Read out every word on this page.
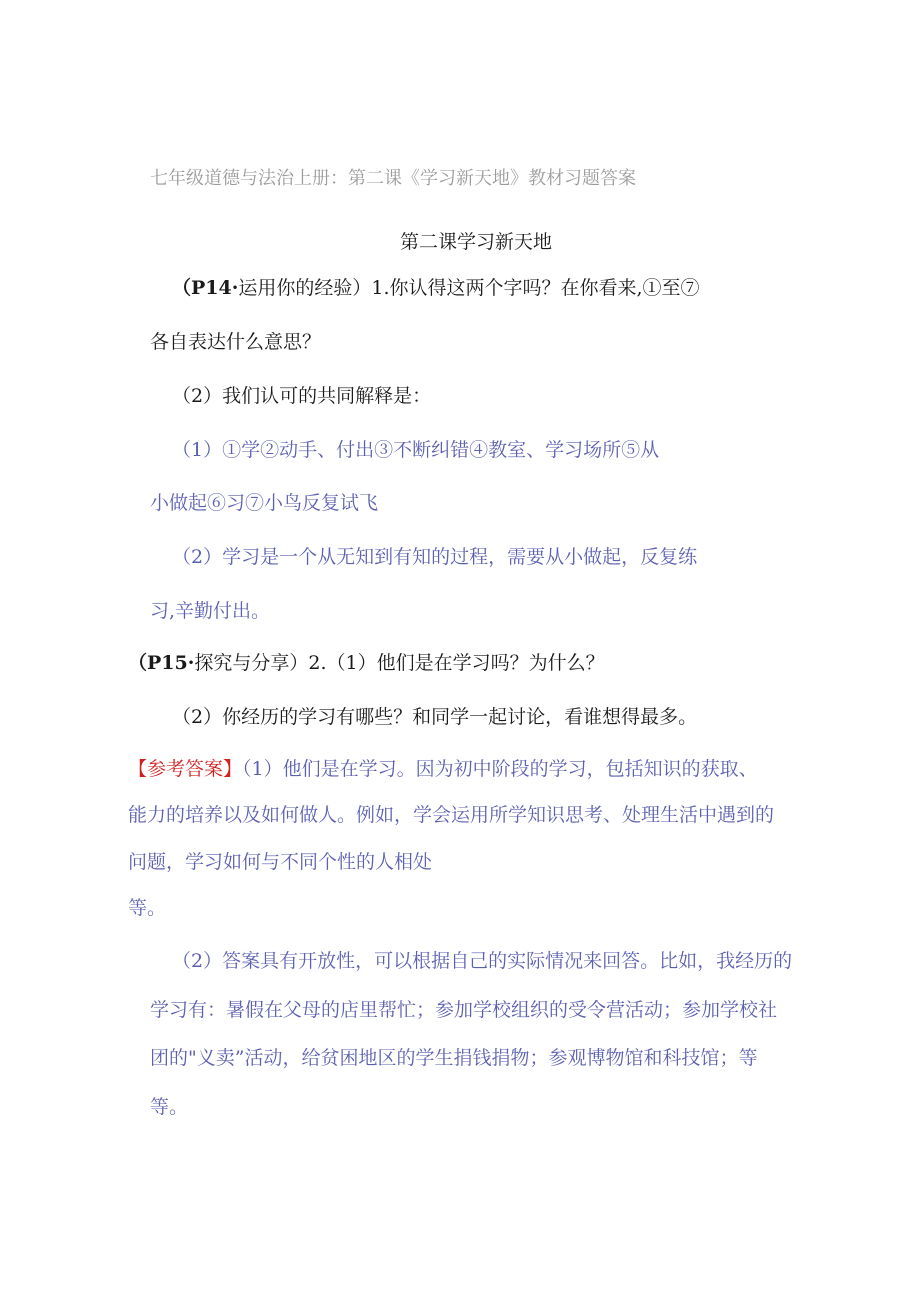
七年级道德与法治上册：第二课《学习新天地》教材习题答案
第二课学习新天地
（P14·运用你的经验）1.你认得这两个字吗？在你看来,①至⑦
各自表达什么意思？
（2）我们认可的共同解释是：
（1）①学②动手、付出③不断纠错④教室、学习场所⑤从
小做起⑥习⑦小鸟反复试飞
（2）学习是一个从无知到有知的过程，需要从小做起，反复练
习,辛勤付出。
（P15·探究与分享）2.（1）他们是在学习吗？为什么？
（2）你经历的学习有哪些？和同学一起讨论，看谁想得最多。
【参考答案】（1）他们是在学习。因为初中阶段的学习，包括知识的获取、
能力的培养以及如何做人。例如，学会运用所学知识思考、处理生活中遇到的
问题，学习如何与不同个性的人相处
等。
（2）答案具有开放性，可以根据自己的实际情况来回答。比如，我经历的
学习有：暑假在父母的店里帮忙；参加学校组织的受令营活动；参加学校社
团的"义卖”活动，给贫困地区的学生捐钱捐物；参观博物馆和科技馆；等
等。
